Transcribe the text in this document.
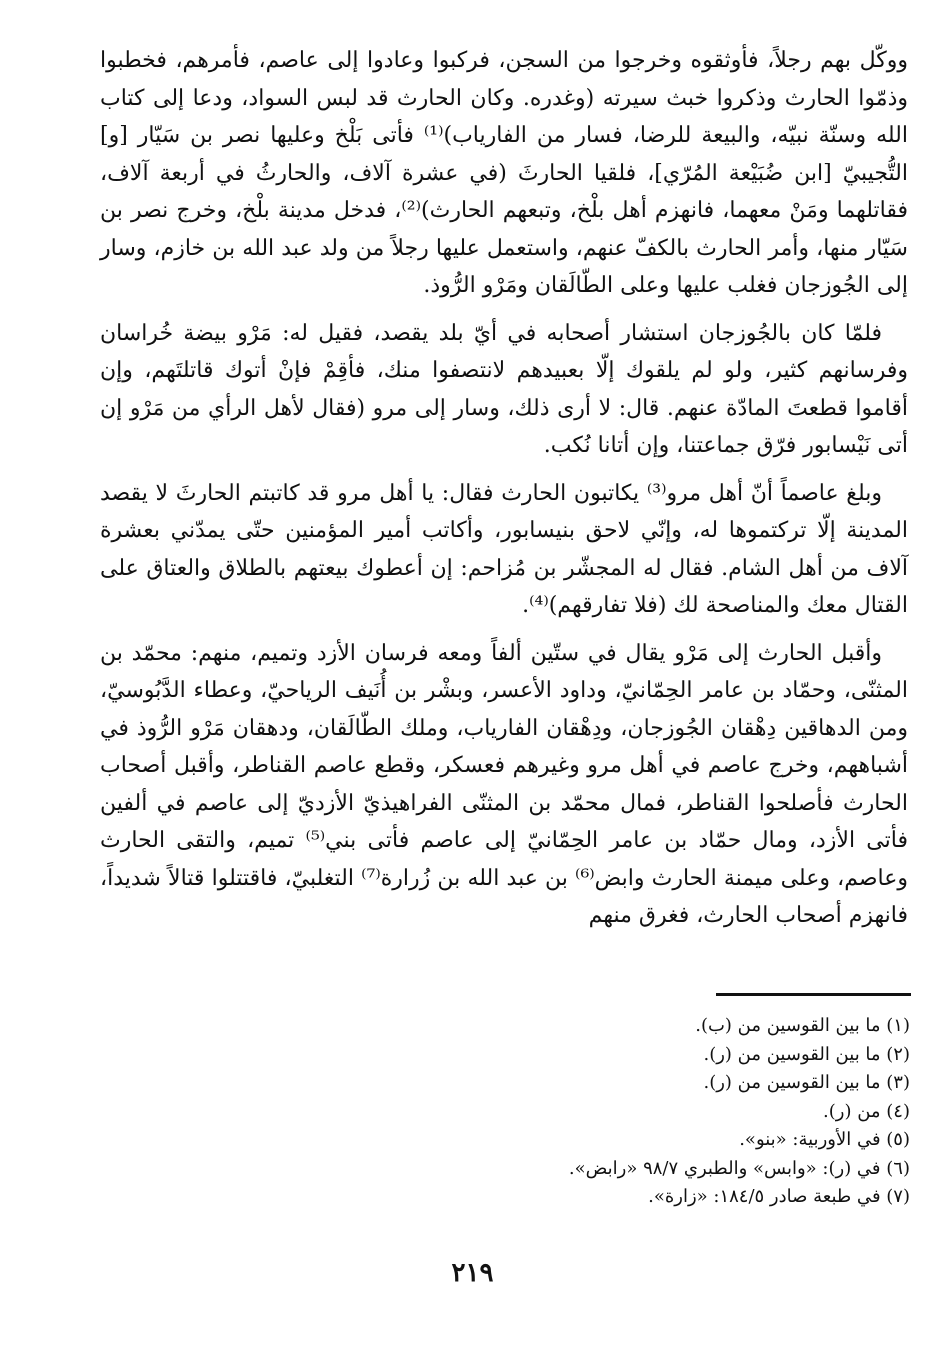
ووكّل بهم رجلاً، فأوثقوه وخرجوا من السجن، فركبوا وعادوا إلى عاصم، فأمرهم، فخطبوا وذمّوا الحارث وذكروا خبث سيرته (وغدره. وكان الحارث قد لبس السواد، ودعا إلى كتاب الله وسنّة نبيّه، والبيعة للرضا، فسار من الفارياب)⁽¹⁾ فأتى بَلْخ وعليها نصر بن سَيّار [و] التُّجيبيّ [ابن ضُبَيْعة المُرّي]، فلقيا الحارثَ (في عشرة آلاف، والحارثُ في أربعة آلاف، فقاتلهما ومَنْ معهما، فانهزم أهل بلْخ، وتبعهم الحارث)⁽²⁾، فدخل مدينة بلْخ، وخرج نصر بن سَيّار منها، وأمر الحارث بالكفّ عنهم، واستعمل عليها رجلاً من ولد عبد الله بن خازم، وسار إلى الجُوزجان فغلب عليها وعلى الطّالَقان ومَرْو الرُّوذ.

فلمّا كان بالجُوزجان استشار أصحابه في أيّ بلد يقصد، فقيل له: مَرْو بيضة خُراسان وفرسانهم كثير، ولو لم يلقوك إلّا بعبيدهم لانتصفوا منك، فأقِمْ فإنْ أتوك قاتلتَهم، وإن أقاموا قطعتَ المادّة عنهم. قال: لا أرى ذلك، وسار إلى مرو (فقال لأهل الرأي من مَرْو إن أتى نَيْسابور فرّق جماعتنا، وإن أتانا نُكب.

وبلغ عاصماً أنّ أهل مرو⁽³⁾ يكاتبون الحارث فقال: يا أهل مرو قد كاتبتم الحارثَ لا يقصد المدينة إلّا تركتموها له، وإنّي لاحق بنيسابور، وأكاتب أمير المؤمنين حتّى يمدّني بعشرة آلاف من أهل الشام. فقال له المجشّر بن مُزاحم: إن أعطوك بيعتهم بالطلاق والعتاق على القتال معك والمناصحة لك (فلا تفارقهم)⁽⁴⁾.

وأقبل الحارث إلى مَرْو يقال في ستّين ألفاً ومعه فرسان الأزد وتميم، منهم: محمّد بن المثنّى، وحمّاد بن عامر الحِمّانيّ، وداود الأعسر، وبشْر بن أُنَيف الرياحيّ، وعطاء الدَّبُوسيّ، ومن الدهاقين دِهْقان الجُوزجان، ودِهْقان الفارياب، وملك الطّالَقان، ودهقان مَرْو الرُّوذ في أشباههم، وخرج عاصم في أهل مرو وغيرهم فعسكر، وقطع عاصم القناطر، وأقبل أصحاب الحارث فأصلحوا القناطر، فمال محمّد بن المثنّى الفراهيذيّ الأزديّ إلى عاصم في ألفين فأتى الأزد، ومال حمّاد بن عامر الحِمّانيّ إلى عاصم فأتى بني⁽⁵⁾ تميم، والتقى الحارث وعاصم، وعلى ميمنة الحارث وابض⁽⁶⁾ بن عبد الله بن زُرارة⁽⁷⁾ التغلبيّ، فاقتتلوا قتالاً شديداً، فانهزم أصحاب الحارث، فغرق منهم

(١) ما بين القوسين من (ب).
(٢) ما بين القوسين من (ر).
(٣) ما بين القوسين من (ر).
(٤) من (ر).
(٥) في الأوربية: «بنو».
(٦) في (ر): «وابس» والطبري ٩٨/٧ «رابض».
(٧) في طبعة صادر ١٨٤/٥: «زارة».
٢١٩
